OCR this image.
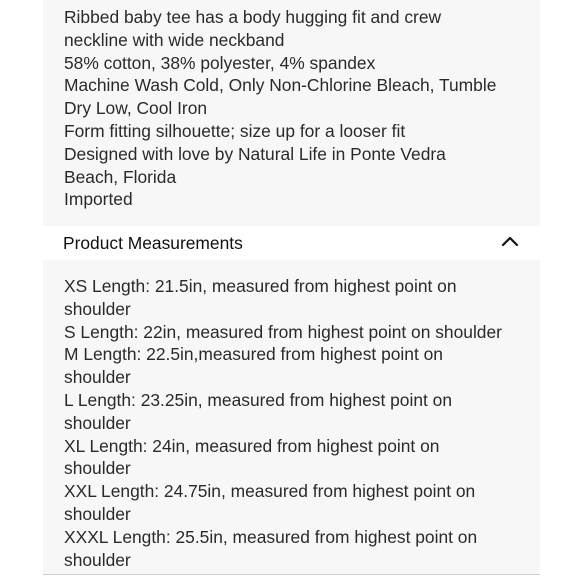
Ribbed baby tee has a body hugging fit and crew
neckline with wide neckband
58% cotton, 38% polyester, 4% spandex
Machine Wash Cold, Only Non-Chlorine Bleach, Tumble
Dry Low, Cool Iron
Form fitting silhouette; size up for a looser fit
Designed with love by Natural Life in Ponte Vedra
Beach, Florida
Imported
Product Measurements
XS Length: 21.5in, measured from highest point on
shoulder
S Length: 22in, measured from highest point on shoulder
M Length: 22.5in,measured from highest point on
shoulder
L Length: 23.25in, measured from highest point on
shoulder
XL Length: 24in, measured from highest point on
shoulder
XXL Length: 24.75in, measured from highest point on
shoulder
XXXL Length: 25.5in, measured from highest point on
shoulder
